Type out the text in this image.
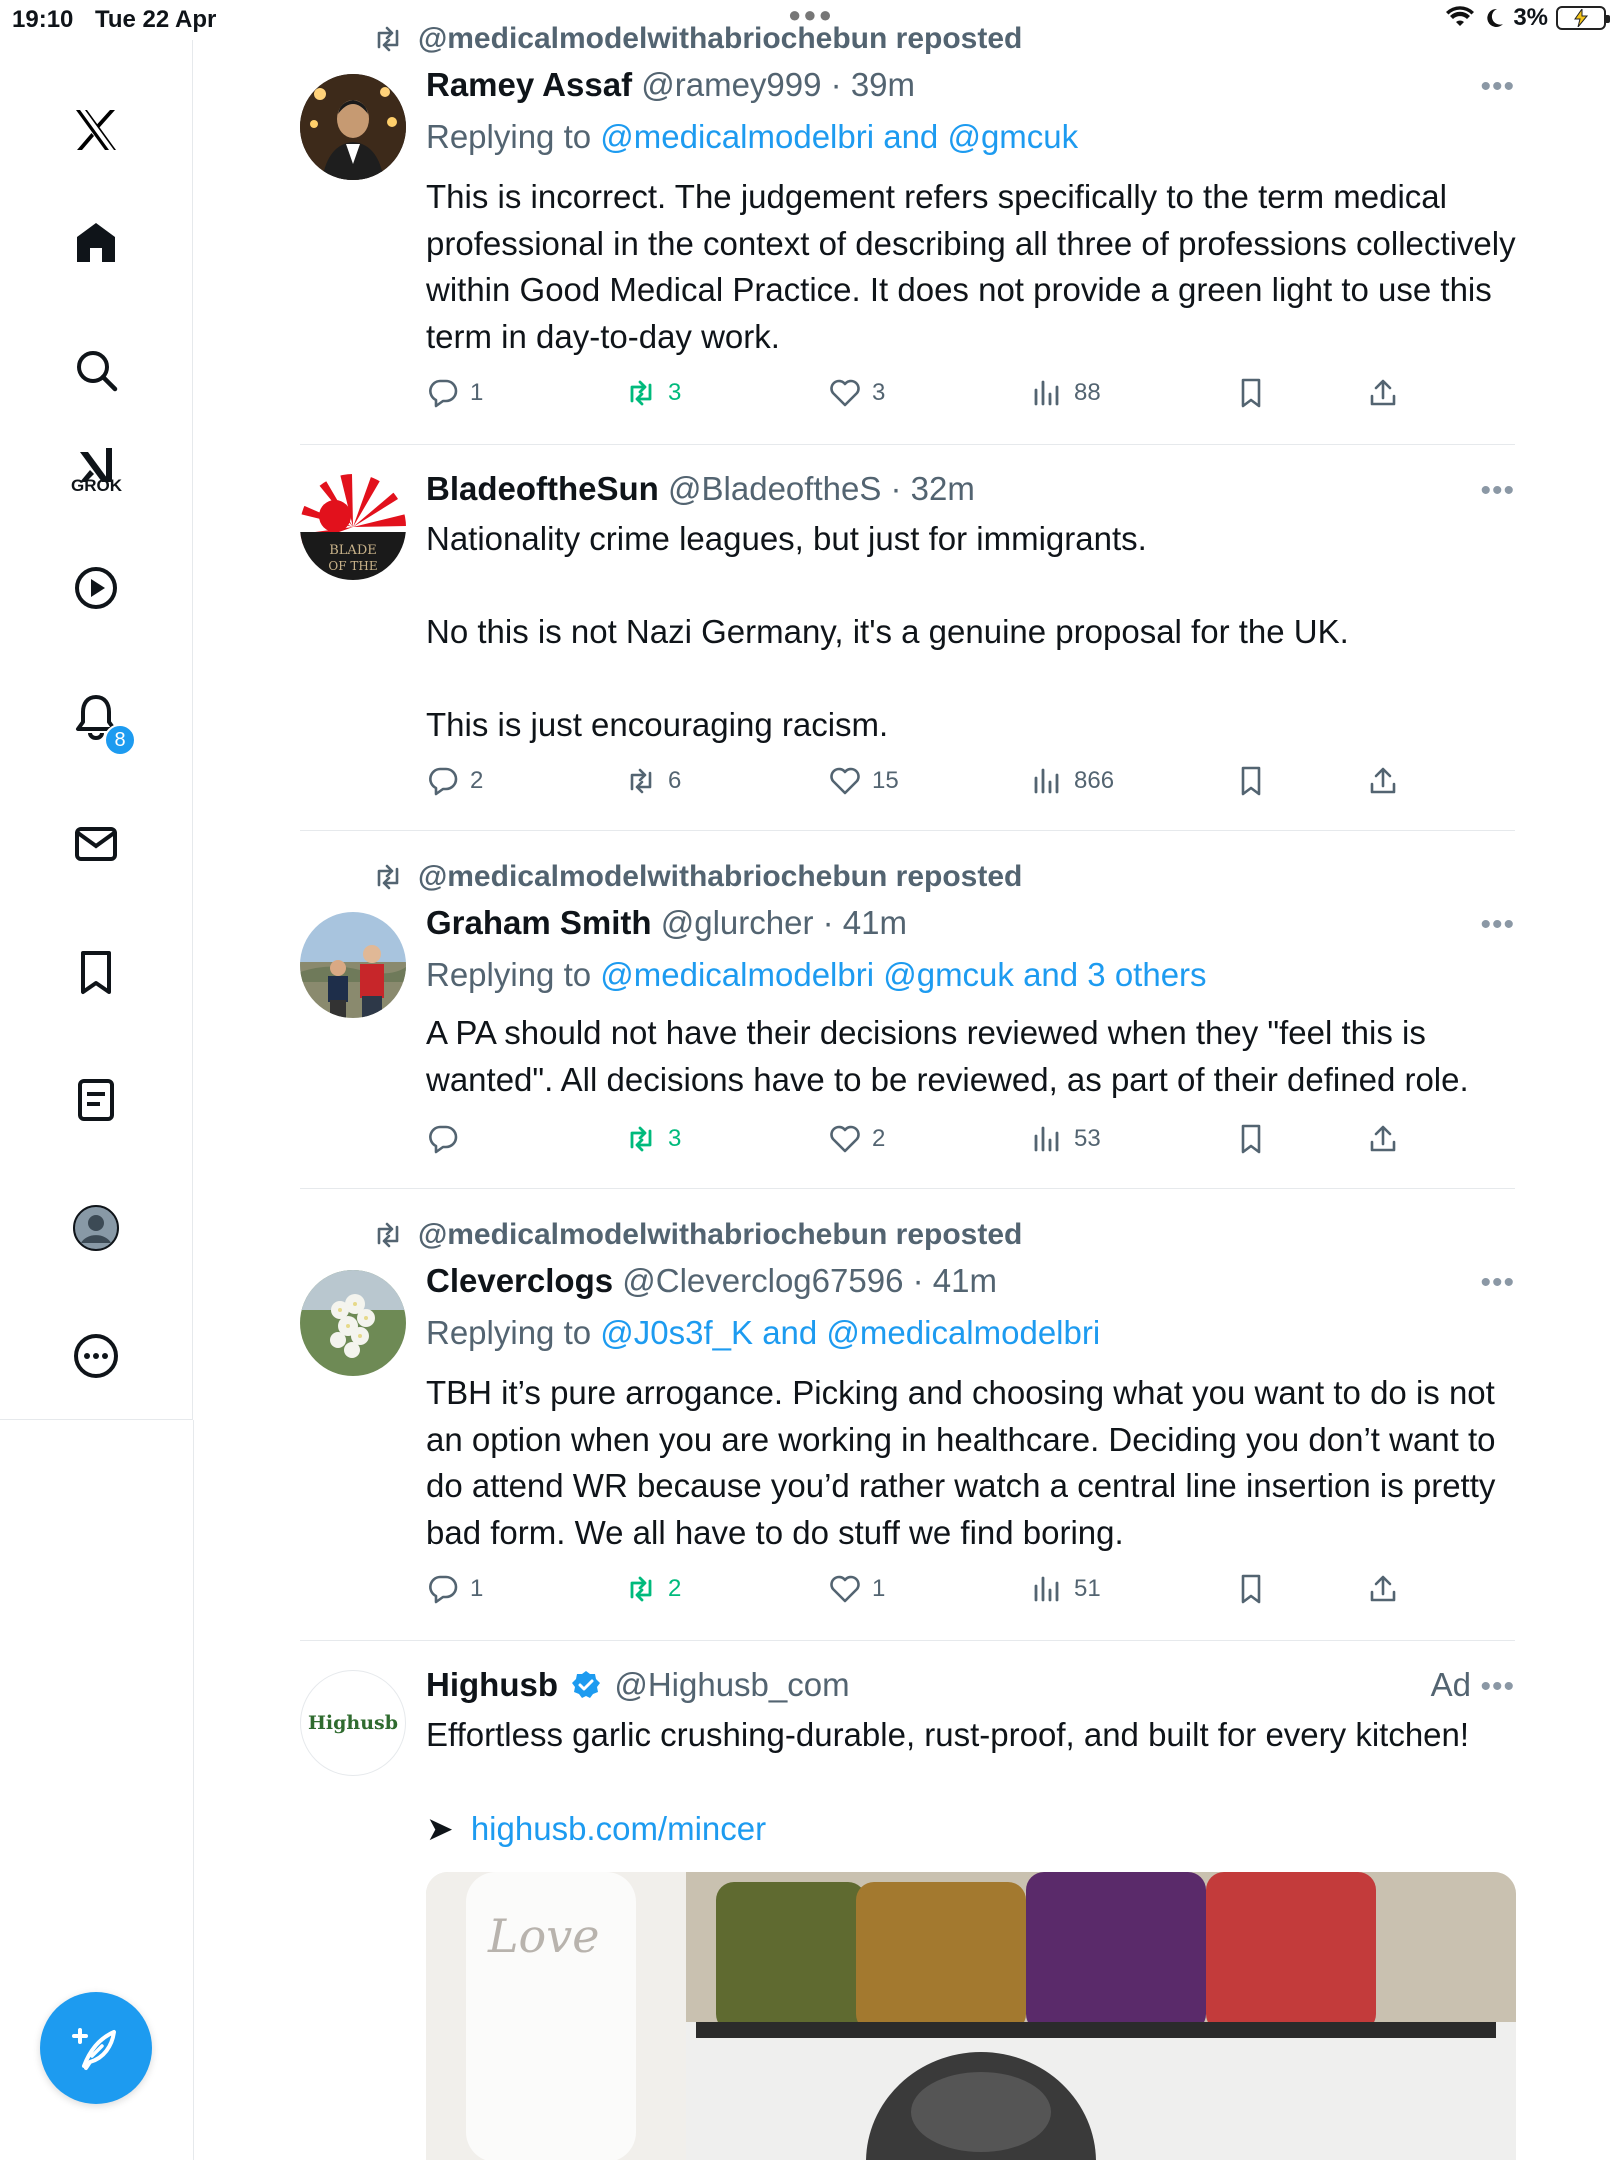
19:10 Tue 22 Apr	●●●	3%
GROK
8
@medicalmodelwithabriochebun reposted
Ramey Assaf @ramey999 · 39m	•••
Replying to @medicalmodelbri and @gmcuk
This is incorrect. The judgement refers specifically to the term medical professional in the context of describing all three of professions collectively within Good Medical Practice. It does not provide a green light to use this term in day-to-day work.
1	3	3	88
BLADE
OF THE
BladeoftheSun @BladeoftheS · 32m	•••
Nationality crime leagues, but just for immigrants.
No this is not Nazi Germany, it's a genuine proposal for the UK.
This is just encouraging racism.
2	6	15	866
@medicalmodelwithabriochebun reposted
Graham Smith @glurcher · 41m	•••
Replying to @medicalmodelbri @gmcuk and 3 others
A PA should not have their decisions reviewed when they "feel this is wanted". All decisions have to be reviewed, as part of their defined role.
3	2	53
@medicalmodelwithabriochebun reposted
Cleverclogs @Cleverclog67596 · 41m	•••
Replying to @J0s3f_K and @medicalmodelbri
TBH it’s pure arrogance. Picking and choosing what you want to do is not an option when you are working in healthcare. Deciding you don’t want to do attend WR because you’d rather watch a central line insertion is pretty bad form. We all have to do stuff we find boring.
1	2	1	51
Highusb
Highusb @Highusb_com	Ad •••
Effortless garlic crushing-durable, rust-proof, and built for every kitchen!
➤ highusb.com/mincer
Love
